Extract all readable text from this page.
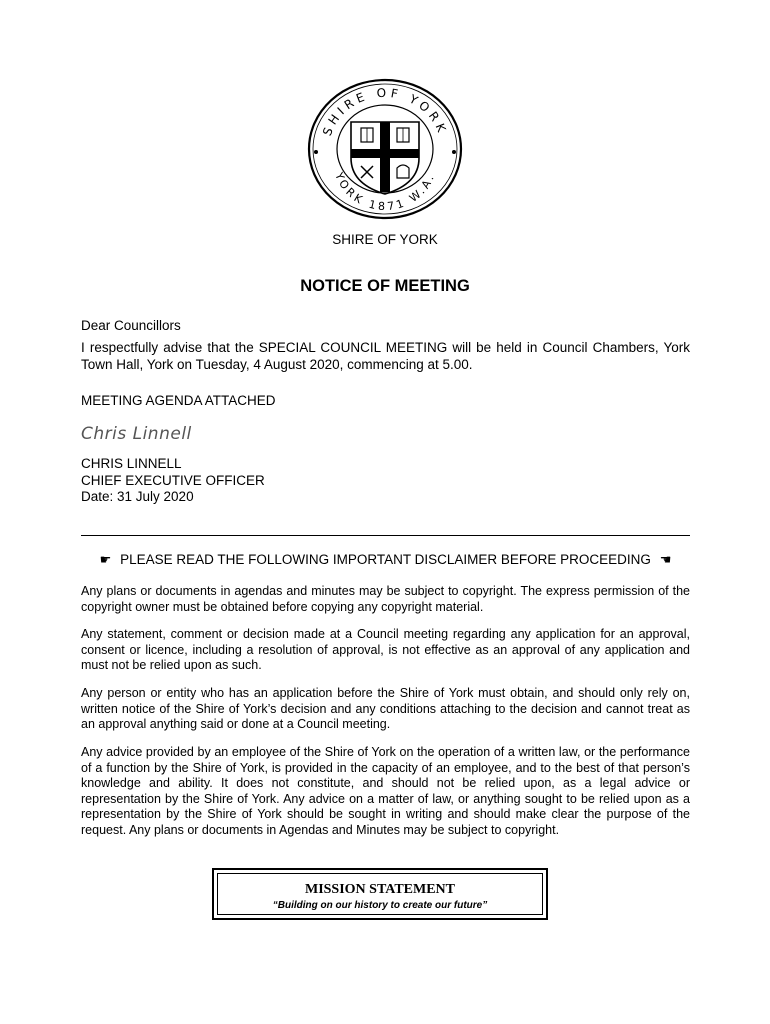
SHIRE OF YORK
YORK 1871 W.A.
SHIRE OF YORK
NOTICE OF MEETING
Dear Councillors
I respectfully advise that the SPECIAL COUNCIL MEETING will be held in Council Chambers, York Town Hall, York on Tuesday, 4 August 2020, commencing at 5.00.
MEETING AGENDA ATTACHED
Chris Linnell
CHRIS LINNELL
CHIEF EXECUTIVE OFFICER
Date: 31 July 2020
☛ PLEASE READ THE FOLLOWING IMPORTANT DISCLAIMER BEFORE PROCEEDING ☚
Any plans or documents in agendas and minutes may be subject to copyright. The express permission of the copyright owner must be obtained before copying any copyright material.
Any statement, comment or decision made at a Council meeting regarding any application for an approval, consent or licence, including a resolution of approval, is not effective as an approval of any application and must not be relied upon as such.
Any person or entity who has an application before the Shire of York must obtain, and should only rely on, written notice of the Shire of York’s decision and any conditions attaching to the decision and cannot treat as an approval anything said or done at a Council meeting.
Any advice provided by an employee of the Shire of York on the operation of a written law, or the performance of a function by the Shire of York, is provided in the capacity of an employee, and to the best of that person’s knowledge and ability. It does not constitute, and should not be relied upon, as a legal advice or representation by the Shire of York. Any advice on a matter of law, or anything sought to be relied upon as a representation by the Shire of York should be sought in writing and should make clear the purpose of the request. Any plans or documents in Agendas and Minutes may be subject to copyright.
MISSION STATEMENT
“Building on our history to create our future”
